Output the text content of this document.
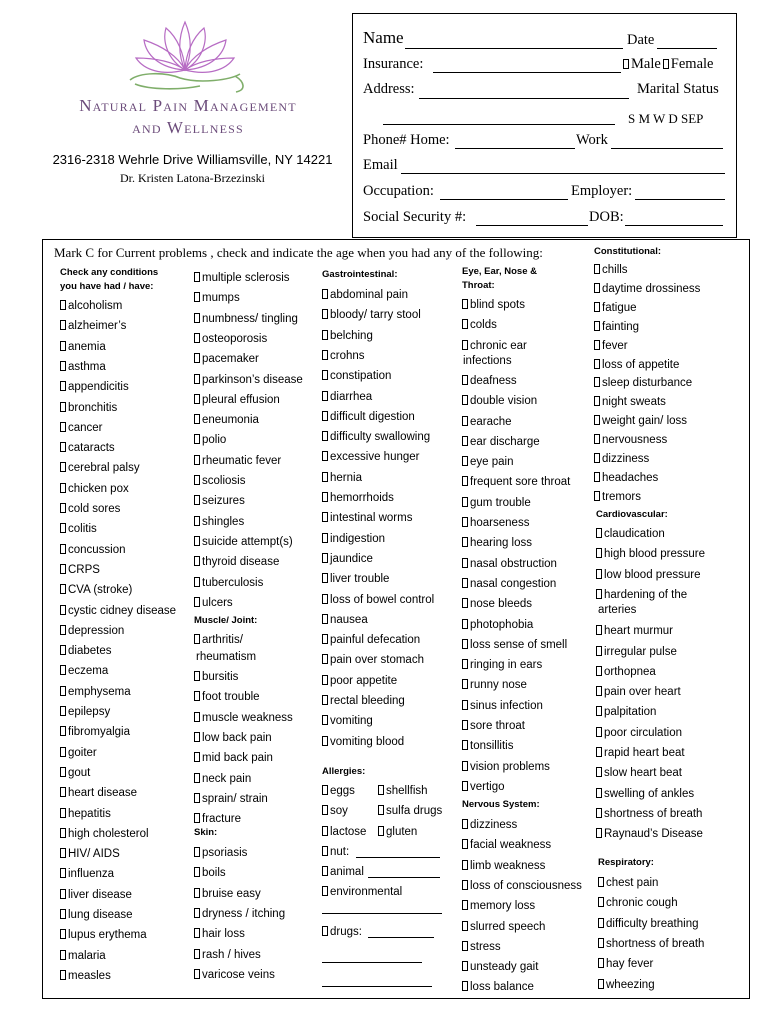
Natural Pain Management
and Wellness
2316-2318 Wehrle Drive Williamsville, NY 14221
Dr. Kristen Latona-Brzezinski
Name	Date
Insurance:	Male Female
Address:	Marital Status
S M W D SEP
Phone# Home:	Work
Email
Occupation:	Employer:
Social Security #:	DOB:
Mark C for Current problems , check and indicate the age when you had any of the following:
Check any conditions
you have had / have:
alcoholism
alzheimer’s
anemia
asthma
appendicitis
bronchitis
cancer
cataracts
cerebral palsy
chicken pox
cold sores
colitis
concussion
CRPS
CVA (stroke)
cystic cidney disease
depression
diabetes
eczema
emphysema
epilepsy
fibromyalgia
goiter
gout
heart disease
hepatitis
high cholesterol
HIV/ AIDS
influenza
liver disease
lung disease
lupus erythema
malaria
measles
multiple sclerosis
mumps
numbness/ tingling
osteoporosis
pacemaker
parkinson’s disease
pleural effusion
eneumonia
polio
rheumatic fever
scoliosis
seizures
shingles
suicide attempt(s)
thyroid disease
tuberculosis
ulcers
Muscle/ Joint:
arthritis/
rheumatism
bursitis
foot trouble
muscle weakness
low back pain
mid back pain
neck pain
sprain/ strain
fracture
Skin:
psoriasis
boils
bruise easy
dryness / itching
hair loss
rash / hives
varicose veins
Gastrointestinal:
abdominal pain
bloody/ tarry stool
belching
crohns
constipation
diarrhea
difficult digestion
difficulty swallowing
excessive hunger
hernia
hemorrhoids
intestinal worms
indigestion
jaundice
liver trouble
loss of bowel control
nausea
painful defecation
pain over stomach
poor appetite
rectal bleeding
vomiting
vomiting blood
Allergies:
eggs	shellfish
soy	sulfa drugs
lactose	gluten
nut:
animal
environmental
drugs:
Eye, Ear, Nose &
Throat:
blind spots
colds
chronic ear
infections
deafness
double vision
earache
ear discharge
eye pain
frequent sore throat
gum trouble
hoarseness
hearing loss
nasal obstruction
nasal congestion
nose bleeds
photophobia
loss sense of smell
ringing in ears
runny nose
sinus infection
sore throat
tonsillitis
vision problems
vertigo
Nervous System:
dizziness
facial weakness
limb weakness
loss of consciousness
memory loss
slurred speech
stress
unsteady gait
loss balance
Constitutional:
chills
daytime drossiness
fatigue
fainting
fever
loss of appetite
sleep disturbance
night sweats
weight gain/ loss
nervousness
dizziness
headaches
tremors
Cardiovascular:
claudication
high blood pressure
low blood pressure
hardening of the
arteries
heart murmur
irregular pulse
orthopnea
pain over heart
palpitation
poor circulation
rapid heart beat
slow heart beat
swelling of ankles
shortness of breath
Raynaud’s Disease
Respiratory:
chest pain
chronic cough
difficulty breathing
shortness of breath
hay fever
wheezing
